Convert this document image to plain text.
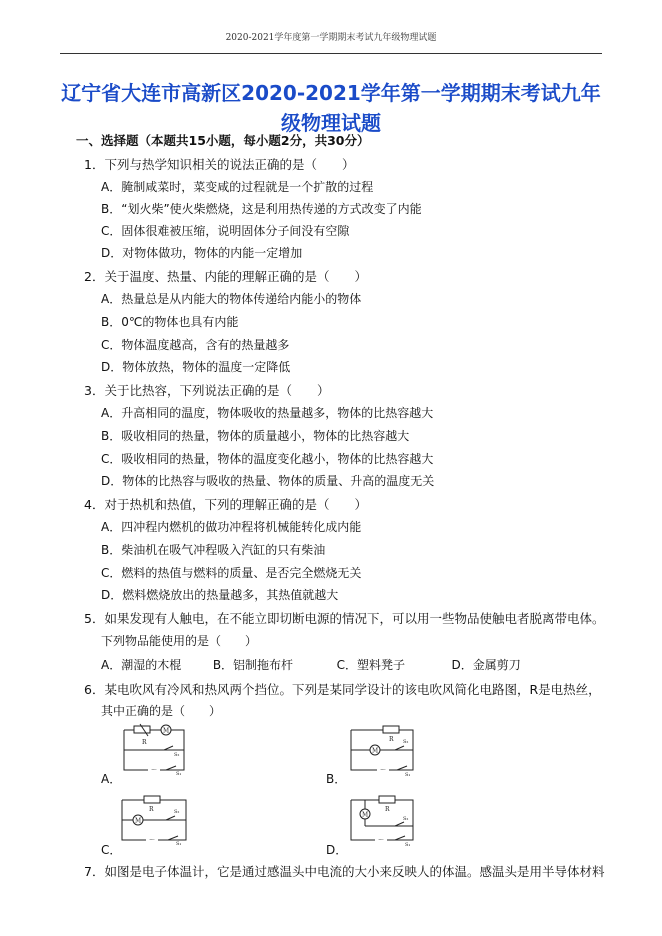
2020-2021学年度第一学期期末考试九年级物理试题
辽宁省大连市高新区2020-2021学年第一学期期末考试九年
级物理试题
一、选择题（本题共15小题，每小题2分，共30分）
1．下列与热学知识相关的说法正确的是（　　）
A．腌制咸菜时，菜变咸的过程就是一个扩散的过程
B．“划火柴”使火柴燃烧，这是利用热传递的方式改变了内能
C．固体很难被压缩，说明固体分子间没有空隙
D．对物体做功，物体的内能一定增加
2．关于温度、热量、内能的理解正确的是（　　）
A．热量总是从内能大的物体传递给内能小的物体
B．0℃的物体也具有内能
C．物体温度越高，含有的热量越多
D．物体放热，物体的温度一定降低
3．关于比热容，下列说法正确的是（　　）
A．升高相同的温度，物体吸收的热量越多，物体的比热容越大
B．吸收相同的热量，物体的质量越小，物体的比热容越大
C．吸收相同的热量，物体的温度变化越小，物体的比热容越大
D．物体的比热容与吸收的热量、物体的质量、升高的温度无关
4．对于热机和热值，下列的理解正确的是（　　）
A．四冲程内燃机的做功冲程将机械能转化成内能
B．柴油机在吸气冲程吸入汽缸的只有柴油
C．燃料的热值与燃料的质量、是否完全燃烧无关
D．燃料燃烧放出的热量越多，其热值就越大
5．如果发现有人触电，在不能立即切断电源的情况下，可以用一些物品使触电者脱离带电体。
下列物品能使用的是（　　）
A．潮湿的木棍	B．铝制拖布杆	C．塑料凳子	D．金属剪刀
6．某电吹风有冷风和热风两个挡位。下列是某同学设计的该电吹风简化电路图，R是电热丝，
其中正确的是（　　）
A．
R
M
～
S₂
S₁	B．
R
M
～
S₂
S₁
C．
R
M
～
S₂
S₁	D．
R
M
～
S₂
S₁
7．如图是电子体温计，它是通过感温头中电流的大小来反映人的体温。感温头是用半导体材料
